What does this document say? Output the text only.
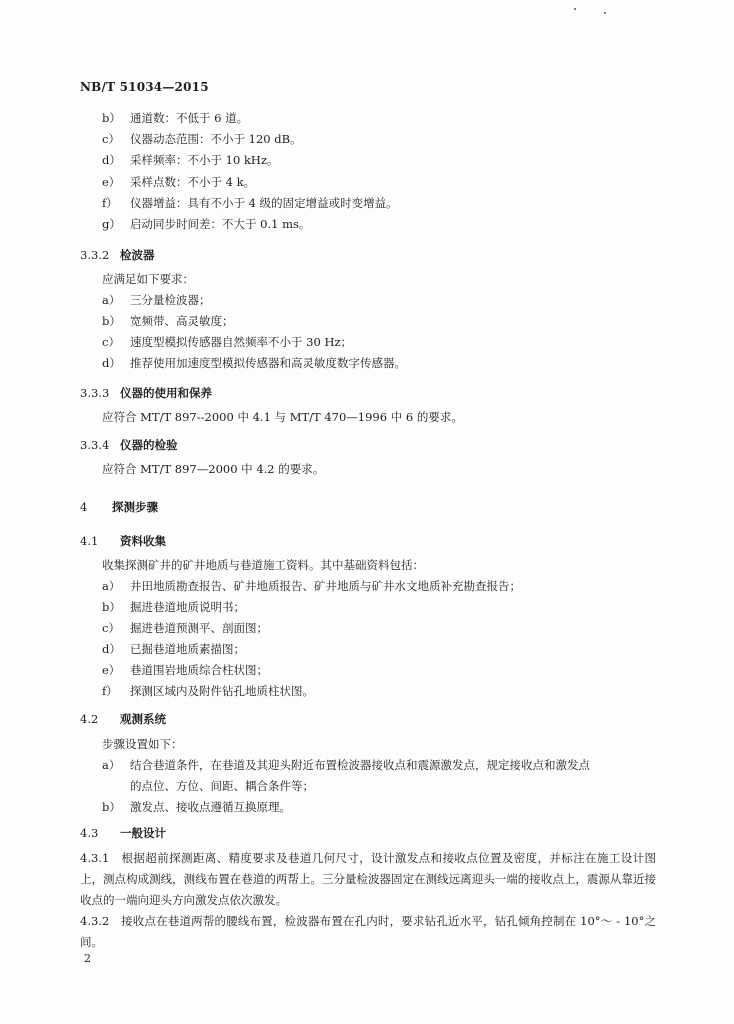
NB/T 51034—2015
b） 通道数：不低于 6 道。
c） 仪器动态范围：不小于 120 dB。
d） 采样频率：不小于 10 kHz。
e） 采样点数：不小于 4 k。
f） 仪器增益：具有不小于 4 级的固定增益或时变增益。
g） 启动同步时间差：不大于 0.1 ms。
3.3.2 检波器
应满足如下要求：
a） 三分量检波器；
b） 宽频带、高灵敏度；
c） 速度型模拟传感器自然频率不小于 30 Hz；
d） 推荐使用加速度型模拟传感器和高灵敏度数字传感器。
3.3.3 仪器的使用和保养
应符合 MT/T 897--2000 中 4.1 与 MT/T 470—1996 中 6 的要求。
3.3.4 仪器的检验
应符合 MT/T 897—2000 中 4.2 的要求。
4 探测步骤
4.1 资料收集
收集探测矿井的矿井地质与巷道施工资料。其中基础资料包括：
a） 井田地质勘查报告、矿井地质报告、矿井地质与矿井水文地质补充勘查报告；
b） 掘进巷道地质说明书；
c） 掘进巷道预测平、剖面图；
d） 已掘巷道地质素描图；
e） 巷道围岩地质综合柱状图；
f） 探测区域内及附件钻孔地质柱状图。
4.2 观测系统
步骤设置如下：
a） 结合巷道条件，在巷道及其迎头附近布置检波器接收点和震源激发点，规定接收点和激发点
的点位、方位、间距、耦合条件等；
b） 激发点、接收点遵循互换原理。
4.3 一般设计
4.3.1　根据超前探测距离、精度要求及巷道几何尺寸，设计激发点和接收点位置及密度，并标注在施工设计图上，测点构成测线，测线布置在巷道的两帮上。三分量检波器固定在测线远离迎头一端的接收点上，震源从靠近接收点的一端向迎头方向激发点依次激发。
4.3.2　接收点在巷道两帮的腰线布置，检波器布置在孔内时，要求钻孔近水平，钻孔倾角控制在 10°～ - 10°之间。
2
